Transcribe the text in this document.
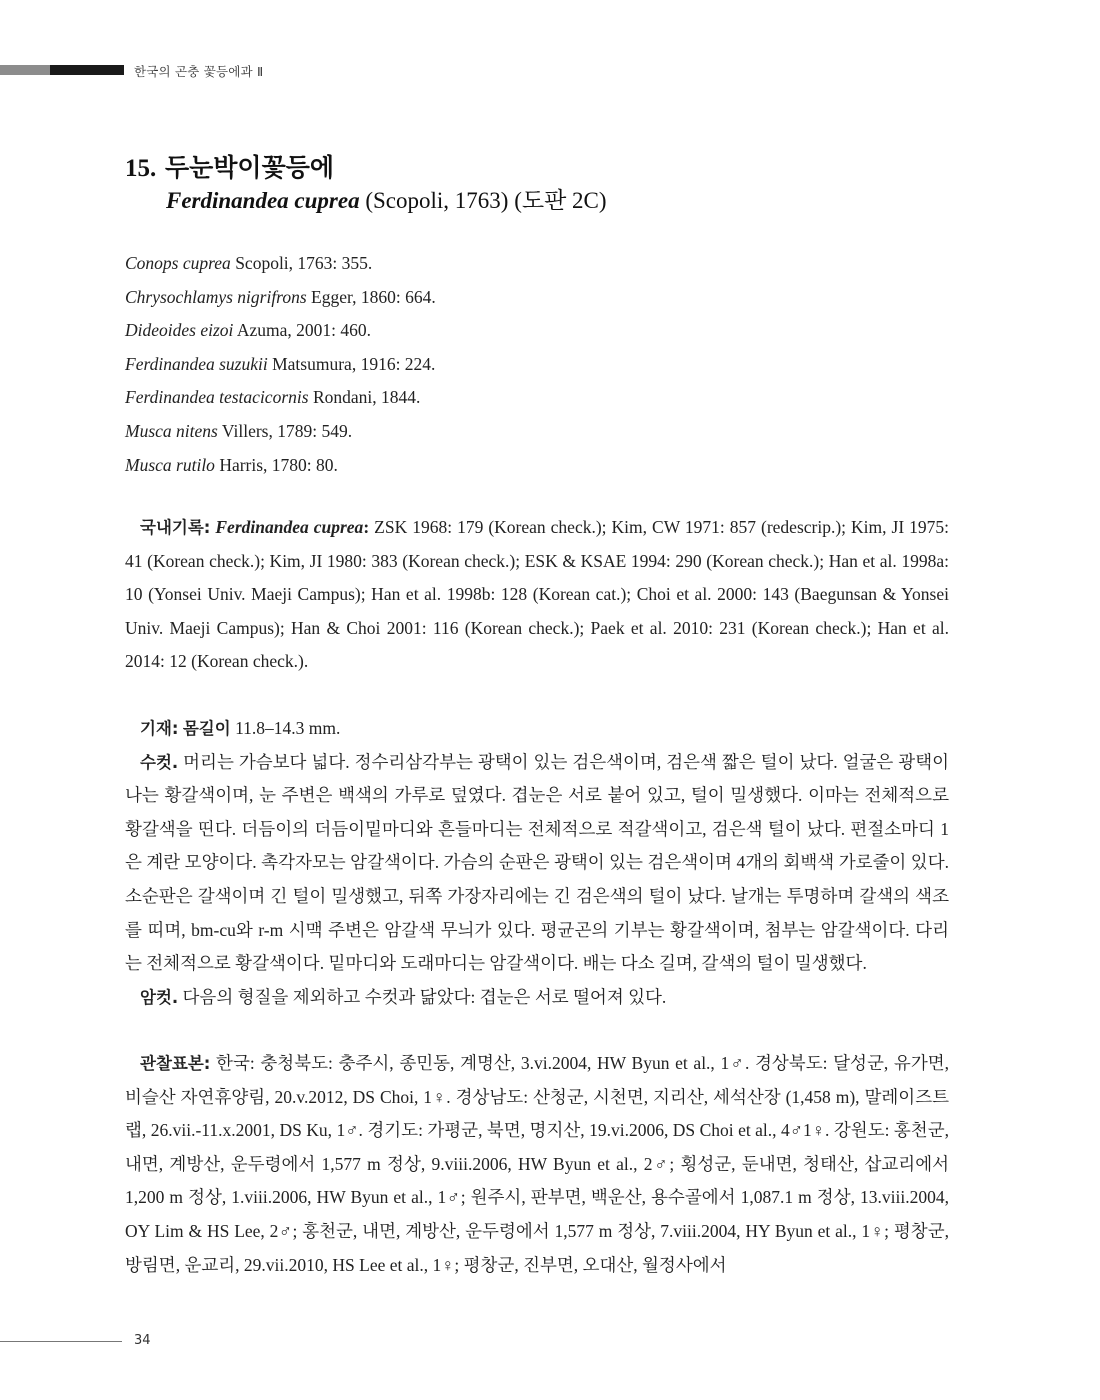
한국의 곤충 꽃등에과 Ⅱ
15. 두눈박이꽃등에
Ferdinandea cuprea (Scopoli, 1763) (도판 2C)
Conops cuprea Scopoli, 1763: 355.
Chrysochlamys nigrifrons Egger, 1860: 664.
Dideoides eizoi Azuma, 2001: 460.
Ferdinandea suzukii Matsumura, 1916: 224.
Ferdinandea testacicornis Rondani, 1844.
Musca nitens Villers, 1789: 549.
Musca rutilo Harris, 1780: 80.

국내기록: Ferdinandea cuprea: ZSK 1968: 179 (Korean check.); Kim, CW 1971: 857 (redescrip.); Kim, JI 1975: 41 (Korean check.); Kim, JI 1980: 383 (Korean check.); ESK & KSAE 1994: 290 (Korean check.); Han et al. 1998a: 10 (Yonsei Univ. Maeji Campus); Han et al. 1998b: 128 (Korean cat.); Choi et al. 2000: 143 (Baegunsan & Yonsei Univ. Maeji Campus); Han & Choi 2001: 116 (Korean check.); Paek et al. 2010: 231 (Korean check.); Han et al. 2014: 12 (Korean check.).

기재: 몸길이 11.8–14.3 mm.
수컷. 머리는 가슴보다 넓다. 정수리삼각부는 광택이 있는 검은색이며, 검은색 짧은 털이 났다. 얼굴은 광택이 나는 황갈색이며, 눈 주변은 백색의 가루로 덮였다. 겹눈은 서로 붙어 있고, 털이 밀생했다. 이마는 전체적으로 황갈색을 띤다. 더듬이의 더듬이밑마디와 흔들마디는 전체적으로 적갈색이고, 검은색 털이 났다. 편절소마디 1은 계란 모양이다. 촉각자모는 암갈색이다. 가슴의 순판은 광택이 있는 검은색이며 4개의 회백색 가로줄이 있다. 소순판은 갈색이며 긴 털이 밀생했고, 뒤쪽 가장자리에는 긴 검은색의 털이 났다. 날개는 투명하며 갈색의 색조를 띠며, bm-cu와 r-m 시맥 주변은 암갈색 무늬가 있다. 평균곤의 기부는 황갈색이며, 첨부는 암갈색이다. 다리는 전체적으로 황갈색이다. 밑마디와 도래마디는 암갈색이다. 배는 다소 길며, 갈색의 털이 밀생했다.
암컷. 다음의 형질을 제외하고 수컷과 닮았다: 겹눈은 서로 떨어져 있다.

관찰표본: 한국: 충청북도: 충주시, 종민동, 계명산, 3.vi.2004, HW Byun et al., 1♂. 경상북도: 달성군, 유가면, 비슬산 자연휴양림, 20.v.2012, DS Choi, 1♀. 경상남도: 산청군, 시천면, 지리산, 세석산장 (1,458 m), 말레이즈트랩, 26.vii.-11.x.2001, DS Ku, 1♂. 경기도: 가평군, 북면, 명지산, 19.vi.2006, DS Choi et al., 4♂1♀. 강원도: 홍천군, 내면, 계방산, 운두령에서 1,577 m 정상, 9.viii.2006, HW Byun et al., 2♂; 횡성군, 둔내면, 청태산, 삽교리에서 1,200 m 정상, 1.viii.2006, HW Byun et al., 1♂; 원주시, 판부면, 백운산, 용수골에서 1,087.1 m 정상, 13.viii.2004, OY Lim & HS Lee, 2♂; 홍천군, 내면, 계방산, 운두령에서 1,577 m 정상, 7.viii.2004, HY Byun et al., 1♀; 평창군, 방림면, 운교리, 29.vii.2010, HS Lee et al., 1♀; 평창군, 진부면, 오대산, 월정사에서

34
